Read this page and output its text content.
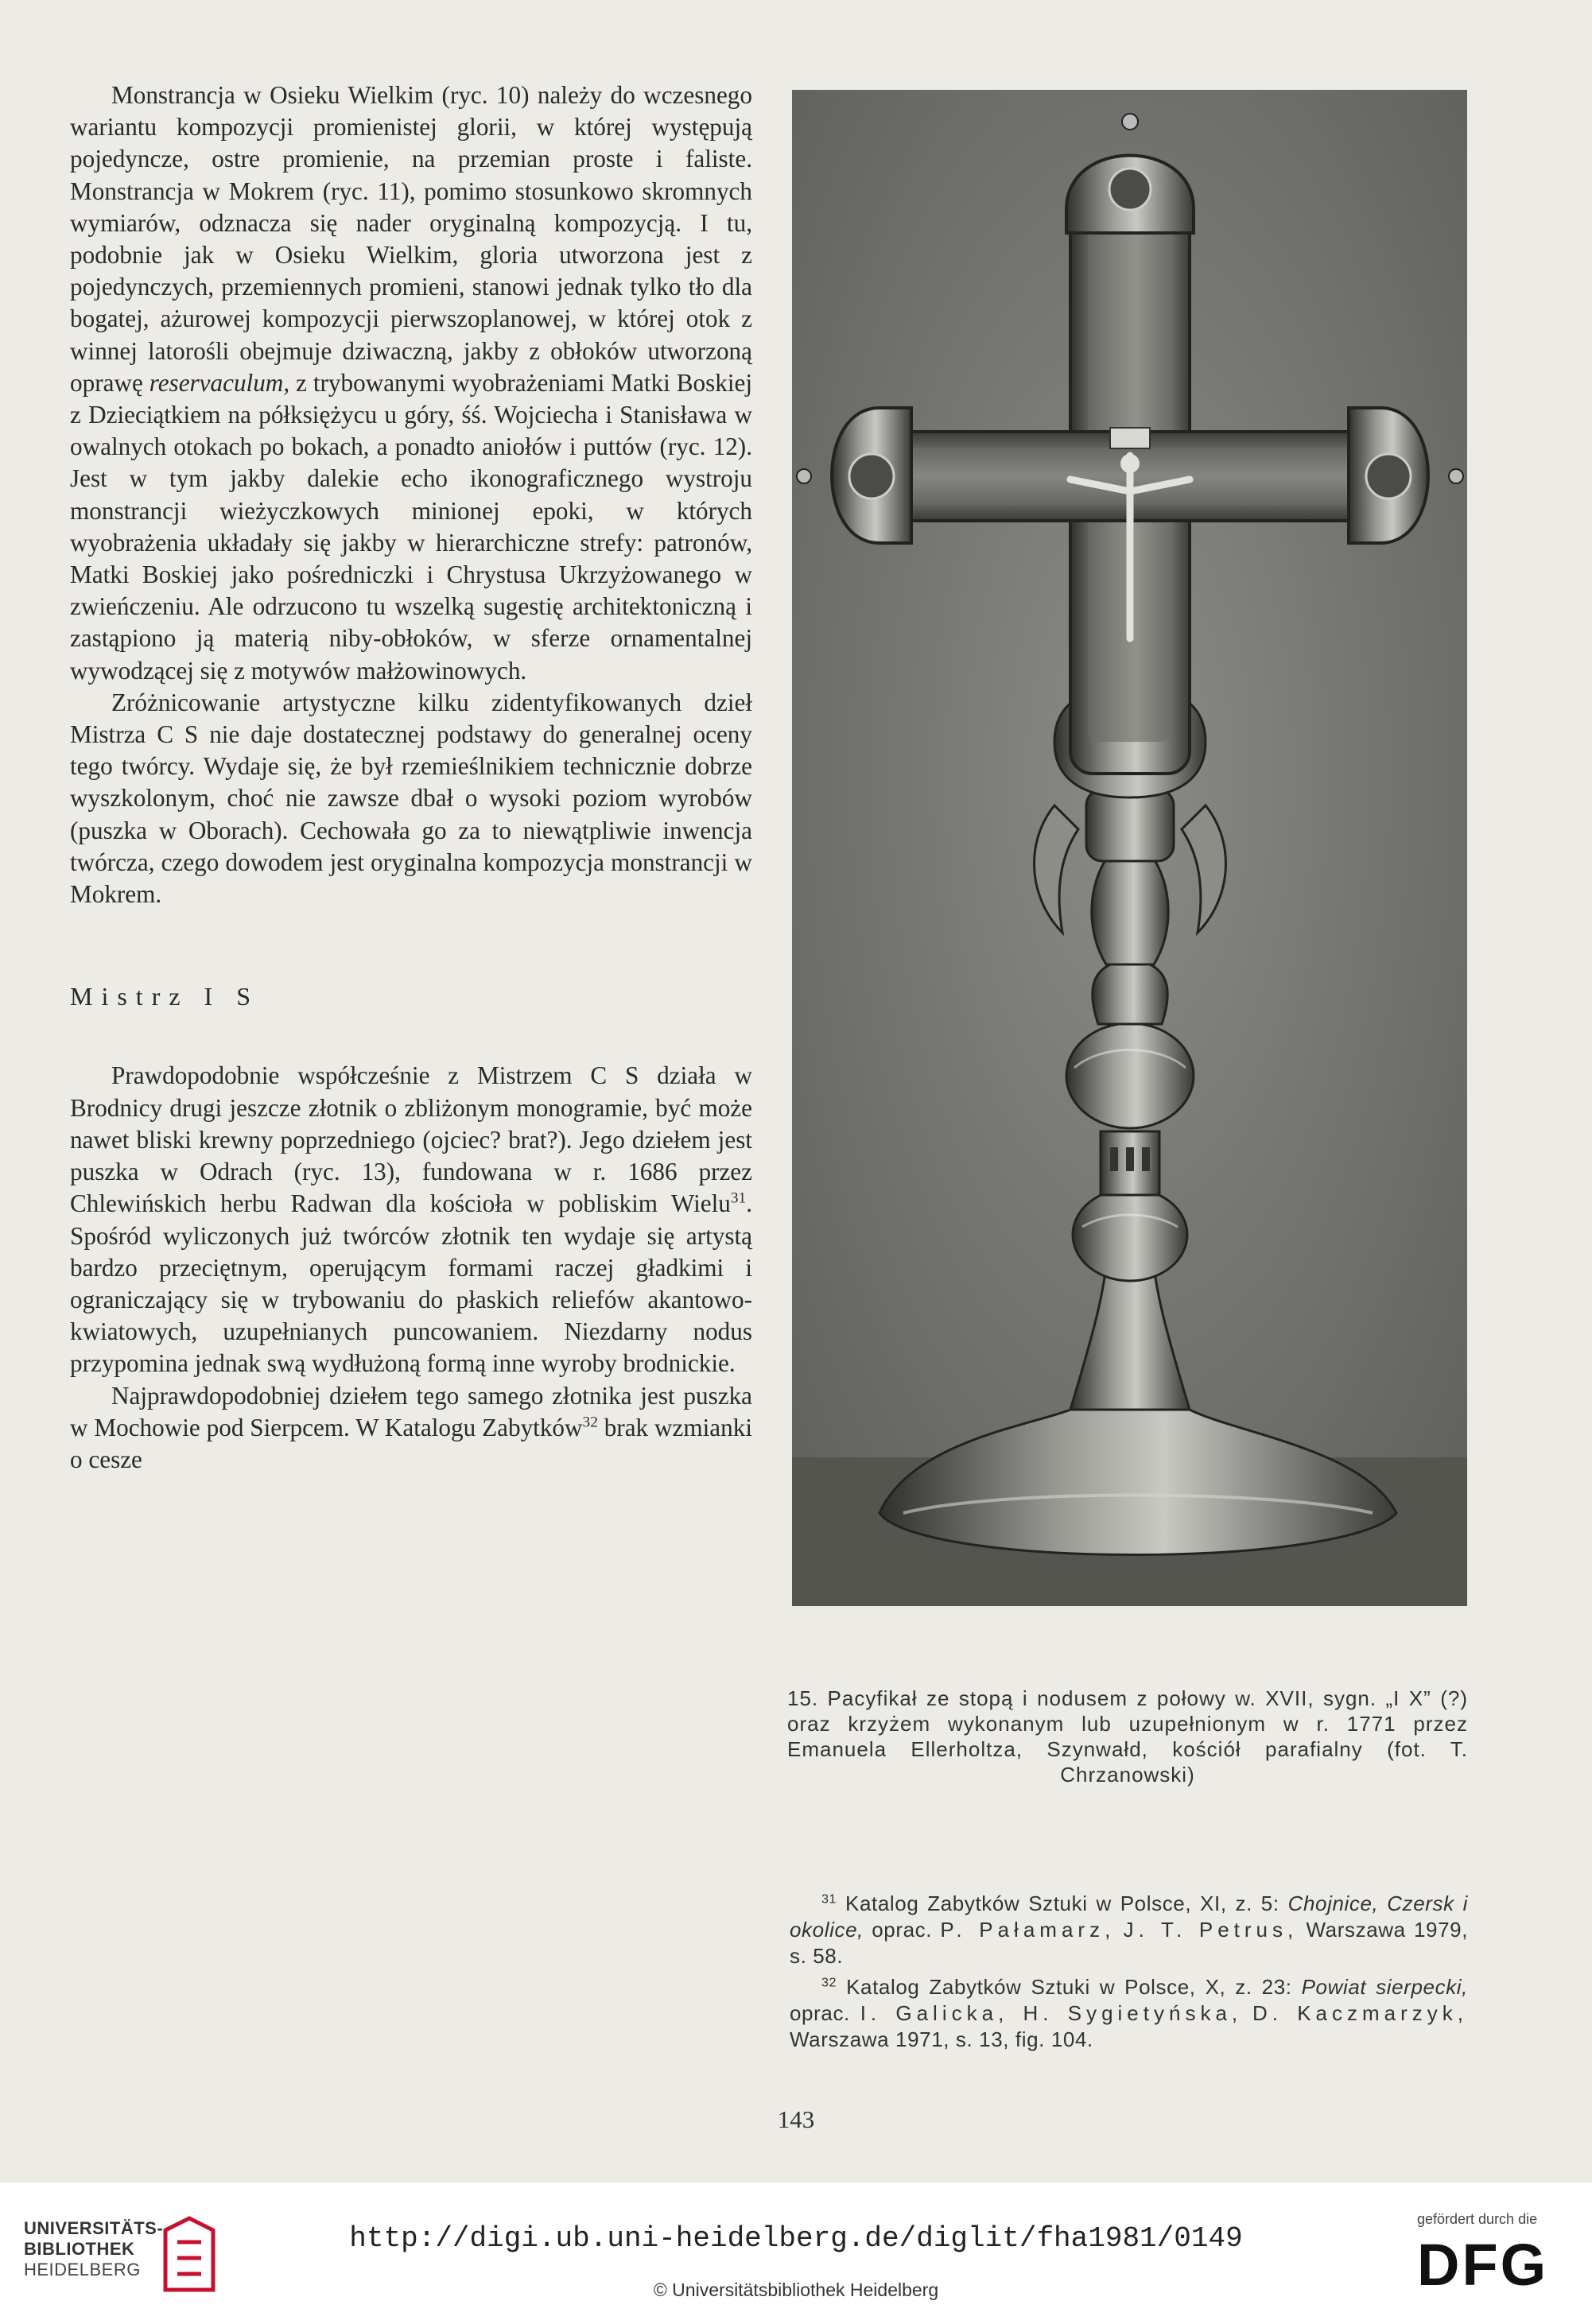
Monstrancja w Osieku Wielkim (ryc. 10) należy do wczesnego wariantu kompozycji promienistej glorii, w której występują pojedyncze, ostre promienie, na przemian proste i faliste. Monstrancja w Mokrem (ryc. 11), pomimo stosunkowo skromnych wymiarów, odznacza się nader oryginalną kompozycją. I tu, podobnie jak w Osieku Wielkim, gloria utworzona jest z pojedynczych, przemiennych promieni, stanowi jednak tylko tło dla bogatej, ażurowej kompozycji pierwszoplanowej, w której otok z winnej latorośli obejmuje dziwaczną, jakby z obłoków utworzoną oprawę reservaculum, z trybowanymi wyobrażeniami Matki Boskiej z Dzieciątkiem na półksiężycu u góry, śś. Wojciecha i Stanisława w owalnych otokach po bokach, a ponadto aniołów i puttów (ryc. 12). Jest w tym jakby dalekie echo ikonograficznego wystroju monstrancji wieżyczkowych minionej epoki, w których wyobrażenia układały się jakby w hierarchiczne strefy: patronów, Matki Boskiej jako pośredniczki i Chrystusa Ukrzyżowanego w zwieńczeniu. Ale odrzucono tu wszelką sugestię architektoniczną i zastąpiono ją materią niby-obłoków, w sferze ornamentalnej wywodzącej się z motywów małżowinowych.

Zróżnicowanie artystyczne kilku zidentyfikowanych dzieł Mistrza C S nie daje dostatecznej podstawy do generalnej oceny tego twórcy. Wydaje się, że był rzemieślnikiem technicznie dobrze wyszkolonym, choć nie zawsze dbał o wysoki poziom wyrobów (puszka w Oborach). Cechowała go za to niewątpliwie inwencja twórcza, czego dowodem jest oryginalna kompozycja monstrancji w Mokrem.

Mistrz I S

Prawdopodobnie współcześnie z Mistrzem C S działa w Brodnicy drugi jeszcze złotnik o zbliżonym monogramie, być może nawet bliski krewny poprzedniego (ojciec? brat?). Jego dziełem jest puszka w Odrach (ryc. 13), fundowana w r. 1686 przez Chlewińskich herbu Radwan dla kościoła w pobliskim Wielu$^{31}$. Spośród wyliczonych już twórców złotnik ten wydaje się artystą bardzo przeciętnym, operującym formami raczej gładkimi i ograniczający się w trybowaniu do płaskich reliefów akantowo-kwiatowych, uzupełnianych puncowaniem. Niezdarny nodus przypomina jednak swą wydłużoną formą inne wyroby brodnickie.

Najprawdopodobniej dziełem tego samego złotnika jest puszka w Mochowie pod Sierpcem. W Katalogu Zabytków$^{32}$ brak wzmianki o cesze

15. Pacyfikał ze stopą i nodusem z połowy w. XVII, sygn. „I X” (?) oraz krzyżem wykonanym lub uzupełnionym w r. 1771 przez Emanuela Ellerholtza, Szynwałd, kościół parafialny (fot. T. Chrzanowski)

$^{31}$ Katalog Zabytków Sztuki w Polsce, XI, z. 5: Chojnice, Czersk i okolice, oprac. P. Pałamarz, J. T. Petrus, Warszawa 1979, s. 58.

$^{32}$ Katalog Zabytków Sztuki w Polsce, X, z. 23: Powiat sierpecki, oprac. I. Galicka, H. Sygietyńska, D. Kaczmarzyk, Warszawa 1971, s. 13, fig. 104.

143
UNIVERSITÄTS-
BIBLIOTHEK
HEIDELBERG
http://digi.ub.uni-heidelberg.de/diglit/fha1981/0149
© Universitätsbibliothek Heidelberg
gefördert durch die
DFG
